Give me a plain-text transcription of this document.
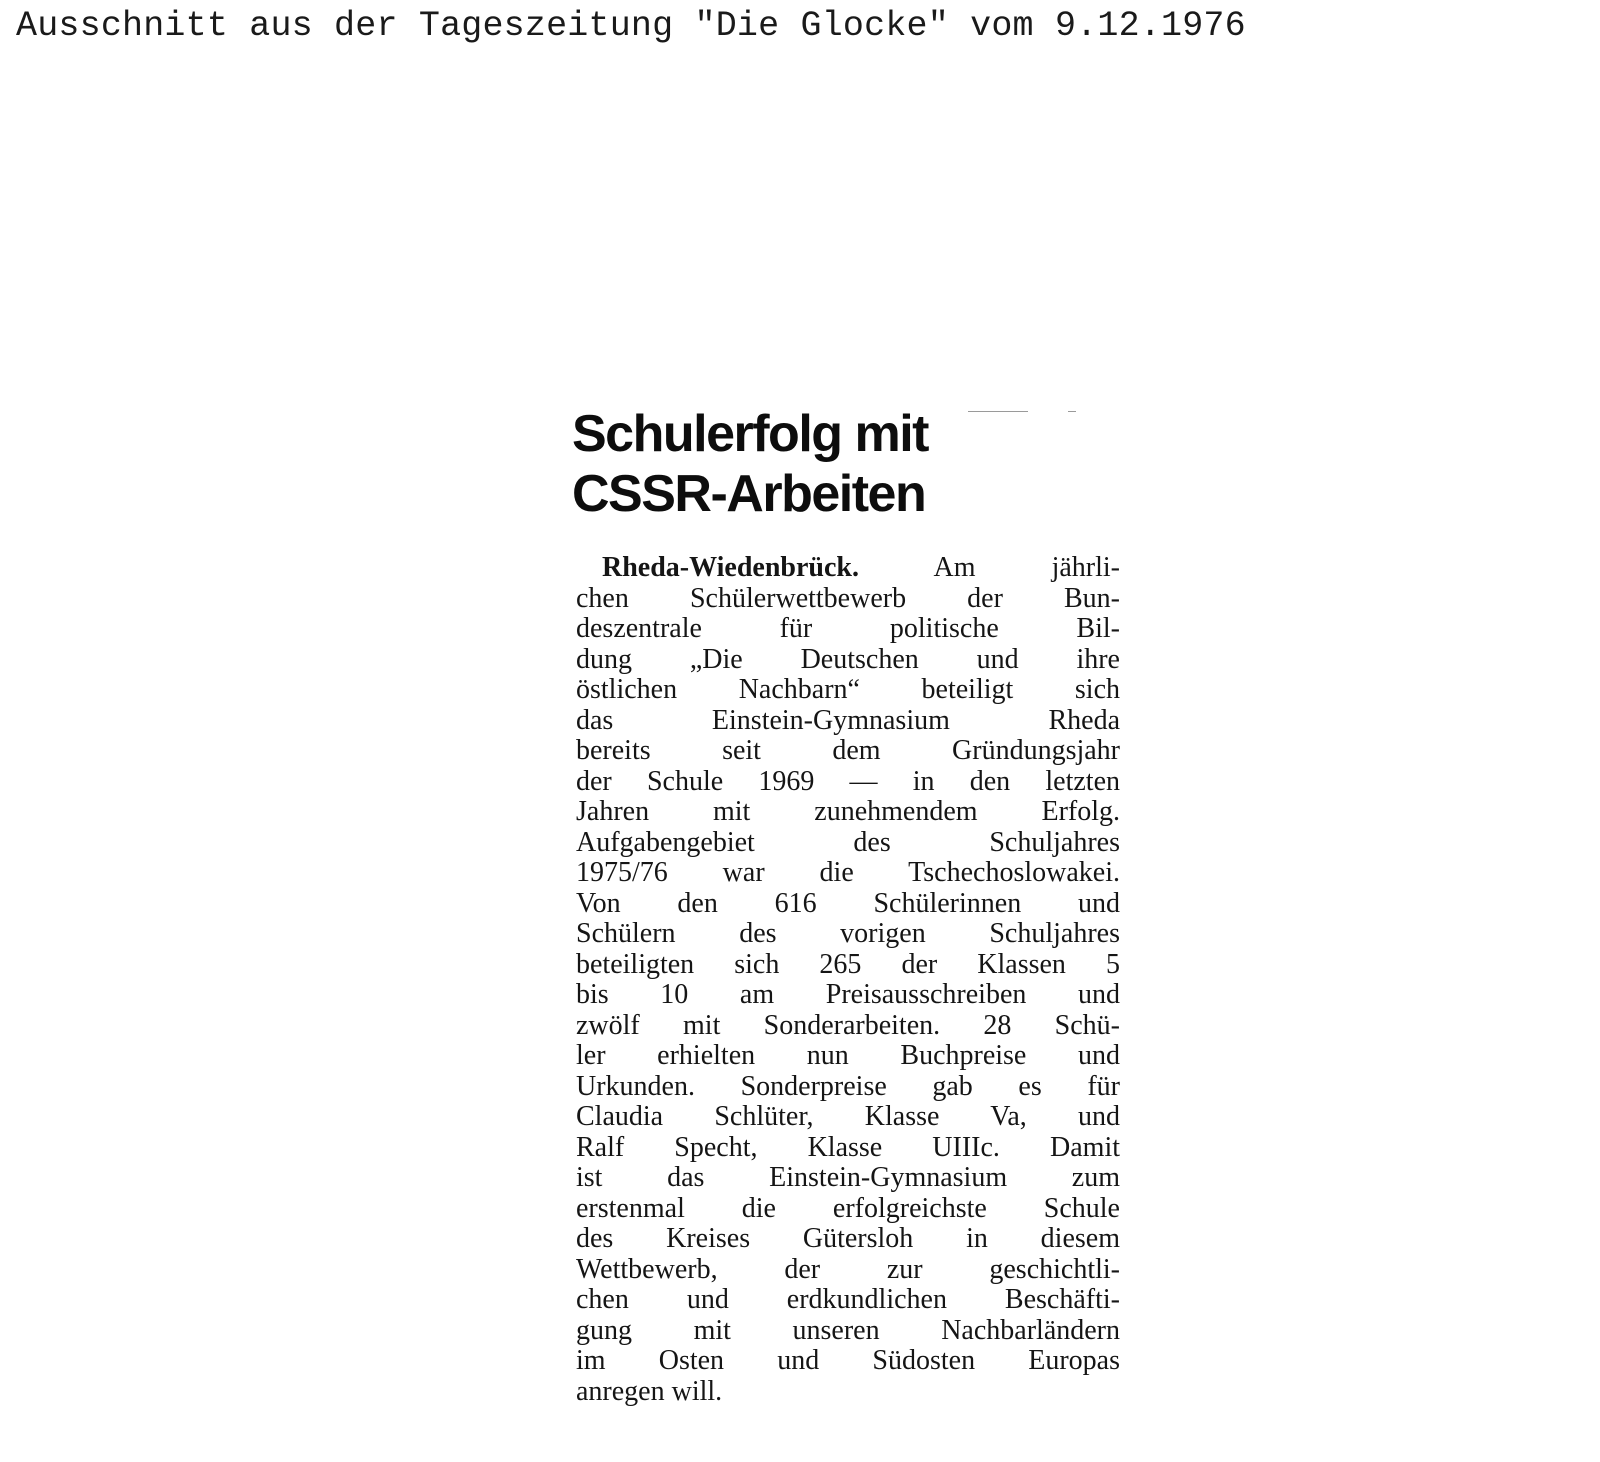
Ausschnitt aus der Tageszeitung "Die Glocke" vom 9.12.1976

Schulerfolg mit
CSSR-Arbeiten
Rheda-Wiedenbrück.	Am jährli-
chen Schülerwettbewerb der Bun-
deszentrale für politische Bil-
dung „Die Deutschen und ihre
östlichen Nachbarn“ beteiligt sich
das Einstein-Gymnasium Rheda
bereits seit dem Gründungsjahr
der Schule 1969 — in den letzten
Jahren mit zunehmendem Erfolg.
Aufgabengebiet des Schuljahres
1975/76 war die Tschechoslowakei.
Von den 616 Schülerinnen und
Schülern des vorigen Schuljahres
beteiligten sich 265 der Klassen 5
bis 10 am Preisausschreiben und
zwölf mit Sonderarbeiten. 28 Schü-
ler erhielten nun Buchpreise und
Urkunden. Sonderpreise gab es für
Claudia Schlüter, Klasse Va, und
Ralf Specht, Klasse UIIIc. Damit
ist das Einstein-Gymnasium zum
erstenmal die erfolgreichste Schule
des Kreises Gütersloh in diesem
Wettbewerb, der zur geschichtli-
chen und erdkundlichen Beschäfti-
gung mit unseren Nachbarländern
im Osten und Südosten Europas
anregen will.
